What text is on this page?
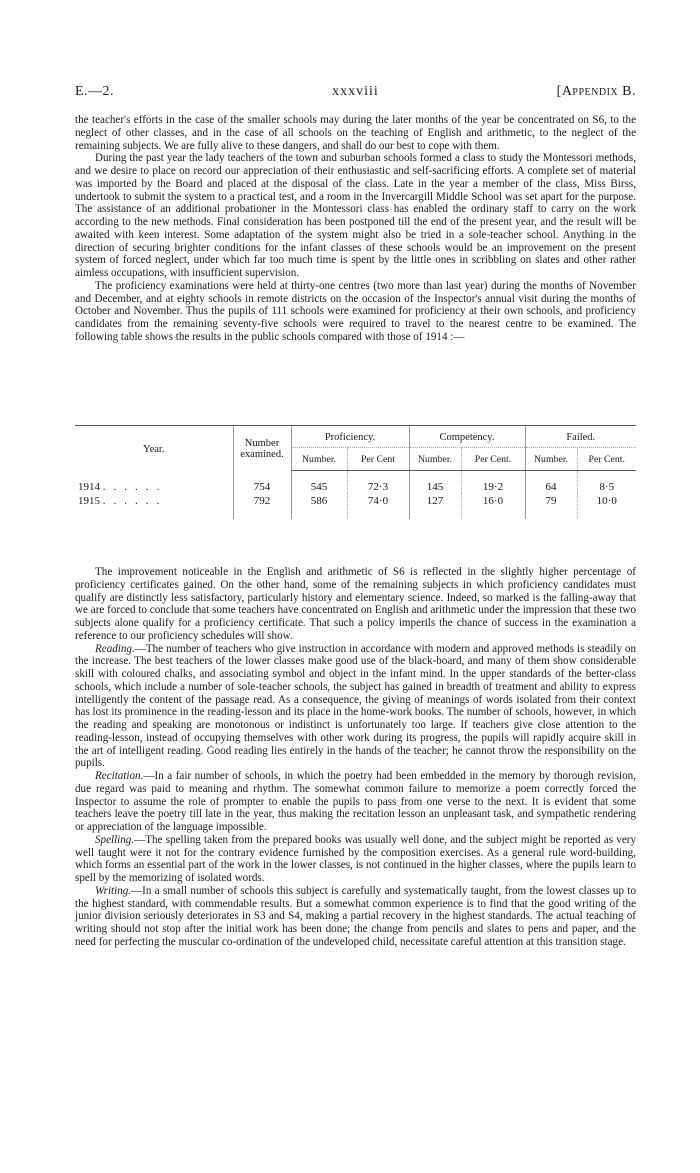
E.—2.	xxxviii	[Appendix B.

the teacher's efforts in the case of the smaller schools may during the later months of the year be concentrated on S6, to the neglect of other classes, and in the case of all schools on the teaching of English and arithmetic, to the neglect of the remaining subjects. We are fully alive to these dangers, and shall do our best to cope with them.

During the past year the lady teachers of the town and suburban schools formed a class to study the Montessori methods, and we desire to place on record our appreciation of their enthusiastic and self-sacrificing efforts. A complete set of material was imported by the Board and placed at the disposal of the class. Late in the year a member of the class, Miss Birss, undertook to submit the system to a practical test, and a room in the Invercargill Middle School was set apart for the purpose. The assistance of an additional probationer in the Montessori class has enabled the ordinary staff to carry on the work according to the new methods. Final consideration has been postponed till the end of the present year, and the result will be awaited with keen interest. Some adaptation of the system might also be tried in a sole-teacher school. Anything in the direction of securing brighter conditions for the infant classes of these schools would be an improvement on the present system of forced neglect, under which far too much time is spent by the little ones in scribbling on slates and other rather aimless occupations, with insufficient supervision.

The proficiency examinations were held at thirty-one centres (two more than last year) during the months of November and December, and at eighty schools in remote districts on the occasion of the Inspector's annual visit during the months of October and November. Thus the pupils of 111 schools were examined for proficiency at their own schools, and proficiency candidates from the remaining seventy-five schools were required to travel to the nearest centre to be examined. The following table shows the results in the public schools compared with those of 1914 :—

Year.	Number examined.	Proficiency.		Competency.		Failed.	
		Number.	Per Cent	Number.	Per Cent.	Number.	Per Cent.
1914 ......	754	545	72·3	145	19·2	64	8·5
1915 ......	792	586	74·0	127	16·0	79	10·0

The improvement noticeable in the English and arithmetic of S6 is reflected in the slightly higher percentage of proficiency certificates gained. On the other hand, some of the remaining subjects in which proficiency candidates must qualify are distinctly less satisfactory, particularly history and elementary science. Indeed, so marked is the falling-away that we are forced to conclude that some teachers have concentrated on English and arithmetic under the impression that these two subjects alone qualify for a proficiency certificate. That such a policy imperils the chance of success in the examination a reference to our proficiency schedules will show.

Reading.—The number of teachers who give instruction in accordance with modern and approved methods is steadily on the increase. The best teachers of the lower classes make good use of the black-board, and many of them show considerable skill with coloured chalks, and associating symbol and object in the infant mind. In the upper standards of the better-class schools, which include a number of sole-teacher schools, the subject has gained in breadth of treatment and ability to express intelligently the content of the passage read. As a consequence, the giving of meanings of words isolated from their context has lost its prominence in the reading-lesson and its place in the home-work books. The number of schools, however, in which the reading and speaking are monotonous or indistinct is unfortunately too large. If teachers give close attention to the reading-lesson, instead of occupying themselves with other work during its progress, the pupils will rapidly acquire skill in the art of intelligent reading. Good reading lies entirely in the hands of the teacher; he cannot throw the responsibility on the pupils.

Recitation.—In a fair number of schools, in which the poetry had been embedded in the memory by thorough revision, due regard was paid to meaning and rhythm. The somewhat common failure to memorize a poem correctly forced the Inspector to assume the role of prompter to enable the pupils to pass from one verse to the next. It is evident that some teachers leave the poetry till late in the year, thus making the recitation lesson an unpleasant task, and sympathetic rendering or appreciation of the language impossible.

Spelling.—The spelling taken from the prepared books was usually well done, and the subject might be reported as very well taught were it not for the contrary evidence furnished by the composition exercises. As a general rule word-building, which forms an essential part of the work in the lower classes, is not continued in the higher classes, where the pupils learn to spell by the memorizing of isolated words.

Writing.—In a small number of schools this subject is carefully and systematically taught, from the lowest classes up to the highest standard, with commendable results. But a somewhat common experience is to find that the good writing of the junior division seriously deteriorates in S3 and S4, making a partial recovery in the highest standards. The actual teaching of writing should not stop after the initial work has been done; the change from pencils and slates to pens and paper, and the need for perfecting the muscular co-ordination of the undeveloped child, necessitate careful attention at this transition stage.
